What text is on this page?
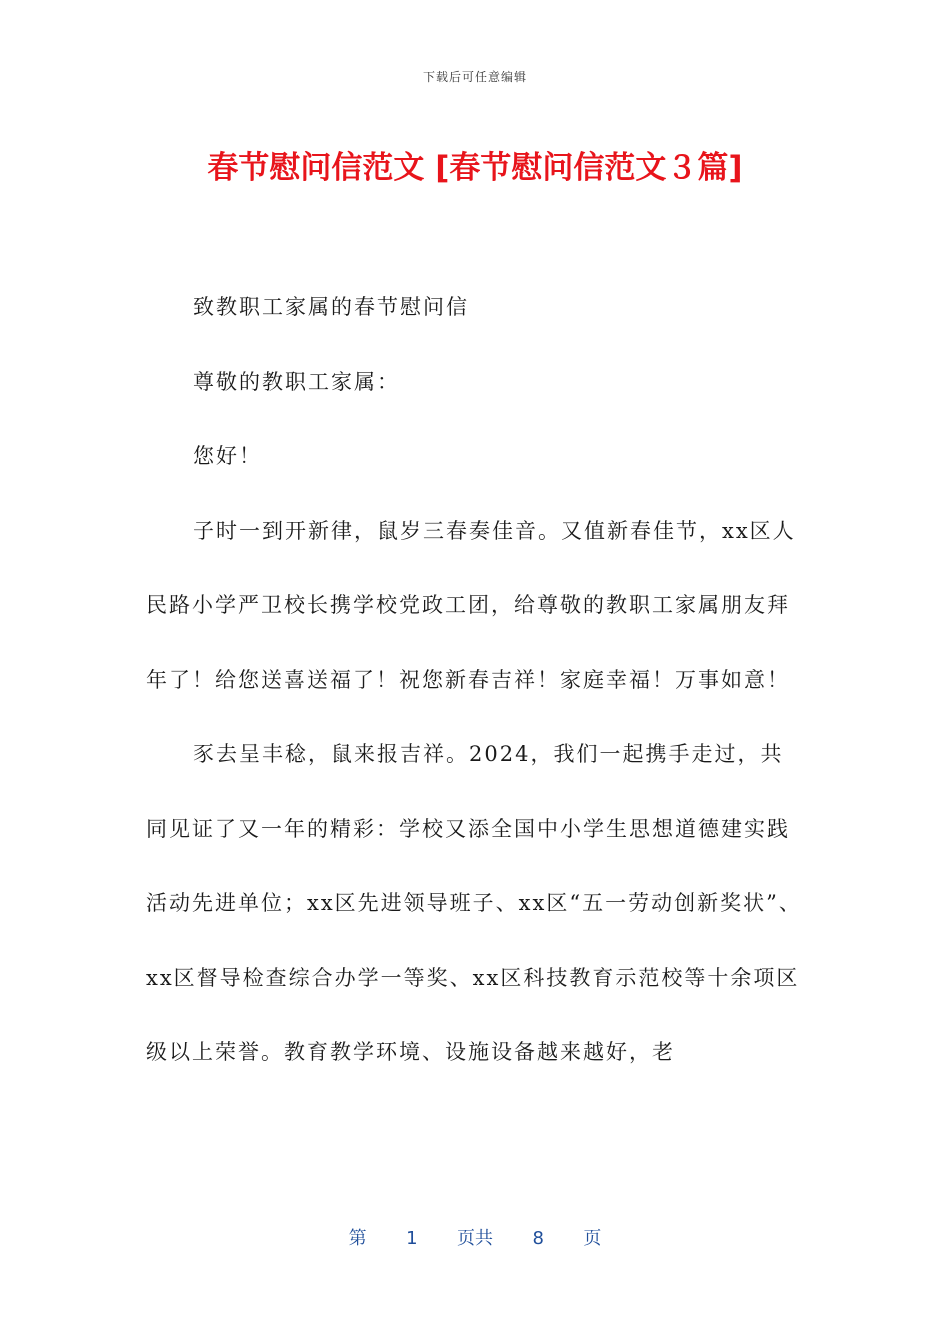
下载后可任意编辑
春节慰问信范文 [春节慰问信范文３篇]

致教职工家属的春节慰问信

尊敬的教职工家属：

您好！

子时一到开新律，鼠岁三春奏佳音。又值新春佳节，xx区人民路小学严卫校长携学校党政工团，给尊敬的教职工家属朋友拜年了！给您送喜送福了！祝您新春吉祥！家庭幸福！万事如意！

豕去呈丰稔，鼠来报吉祥。2024，我们一起携手走过，共同见证了又一年的精彩：学校又添全国中小学生思想道德建实践活动先进单位；xx区先进领导班子、xx区“五一劳动创新奖状”、xx区督导检查综合办学一等奖、xx区科技教育示范校等十余项区级以上荣誉。教育教学环境、设施设备越来越好，老

第 1 页共 8 页
